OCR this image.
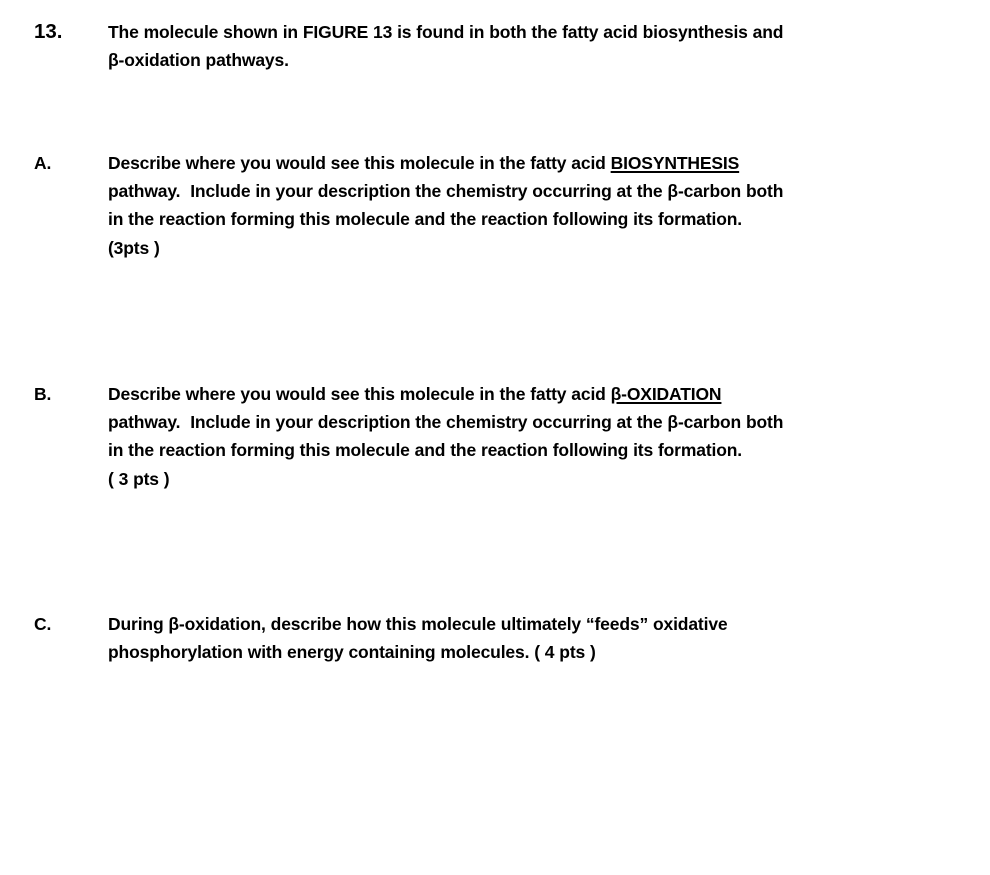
13.	The molecule shown in FIGURE 13 is found in both the fatty acid biosynthesis and
β-oxidation pathways.
A.	Describe where you would see this molecule in the fatty acid BIOSYNTHESIS
pathway.  Include in your description the chemistry occurring at the β-carbon both
in the reaction forming this molecule and the reaction following its formation.
(3pts )
B.	Describe where you would see this molecule in the fatty acid β-OXIDATION
pathway.  Include in your description the chemistry occurring at the β-carbon both
in the reaction forming this molecule and the reaction following its formation.
( 3 pts )
C.	During β-oxidation, describe how this molecule ultimately “feeds” oxidative
phosphorylation with energy containing molecules. ( 4 pts )
